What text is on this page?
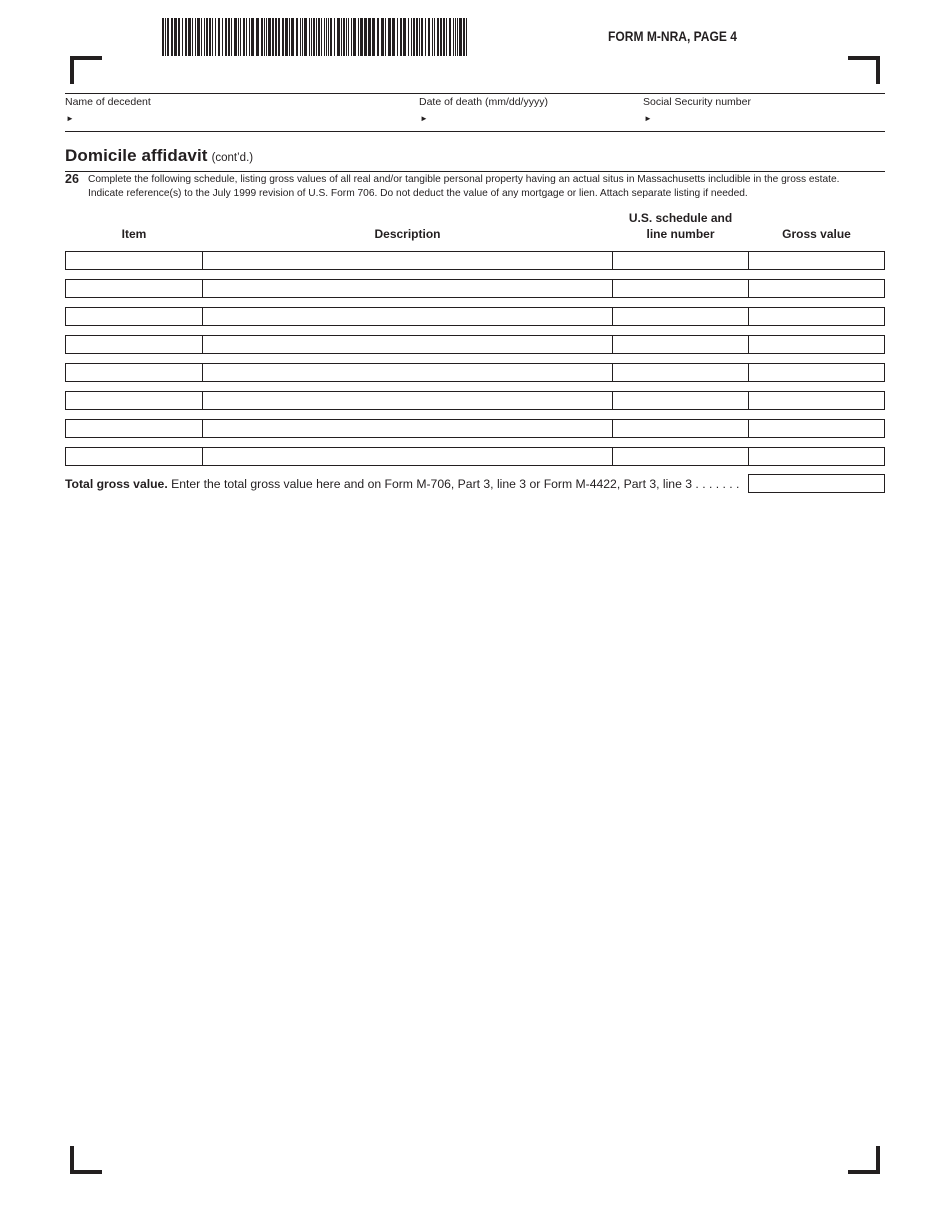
FORM M-NRA, PAGE 4
Name of decedent
►
Date of death (mm/dd/yyyy)
►
Social Security number
►
Domicile affidavit (cont’d.)
26 Complete the following schedule, listing gross values of all real and/or tangible personal property having an actual situs in Massachusetts includible in the gross estate.
Indicate reference(s) to the July 1999 revision of U.S. Form 706. Do not deduct the value of any mortgage or lien. Attach separate listing if needed.
Item	Description
U.S. schedule and
line number	Gross value
Total gross value. Enter the total gross value here and on Form M-706, Part 3, line 3 or Form M-4422, Part 3, line 3 . . . . . . .
